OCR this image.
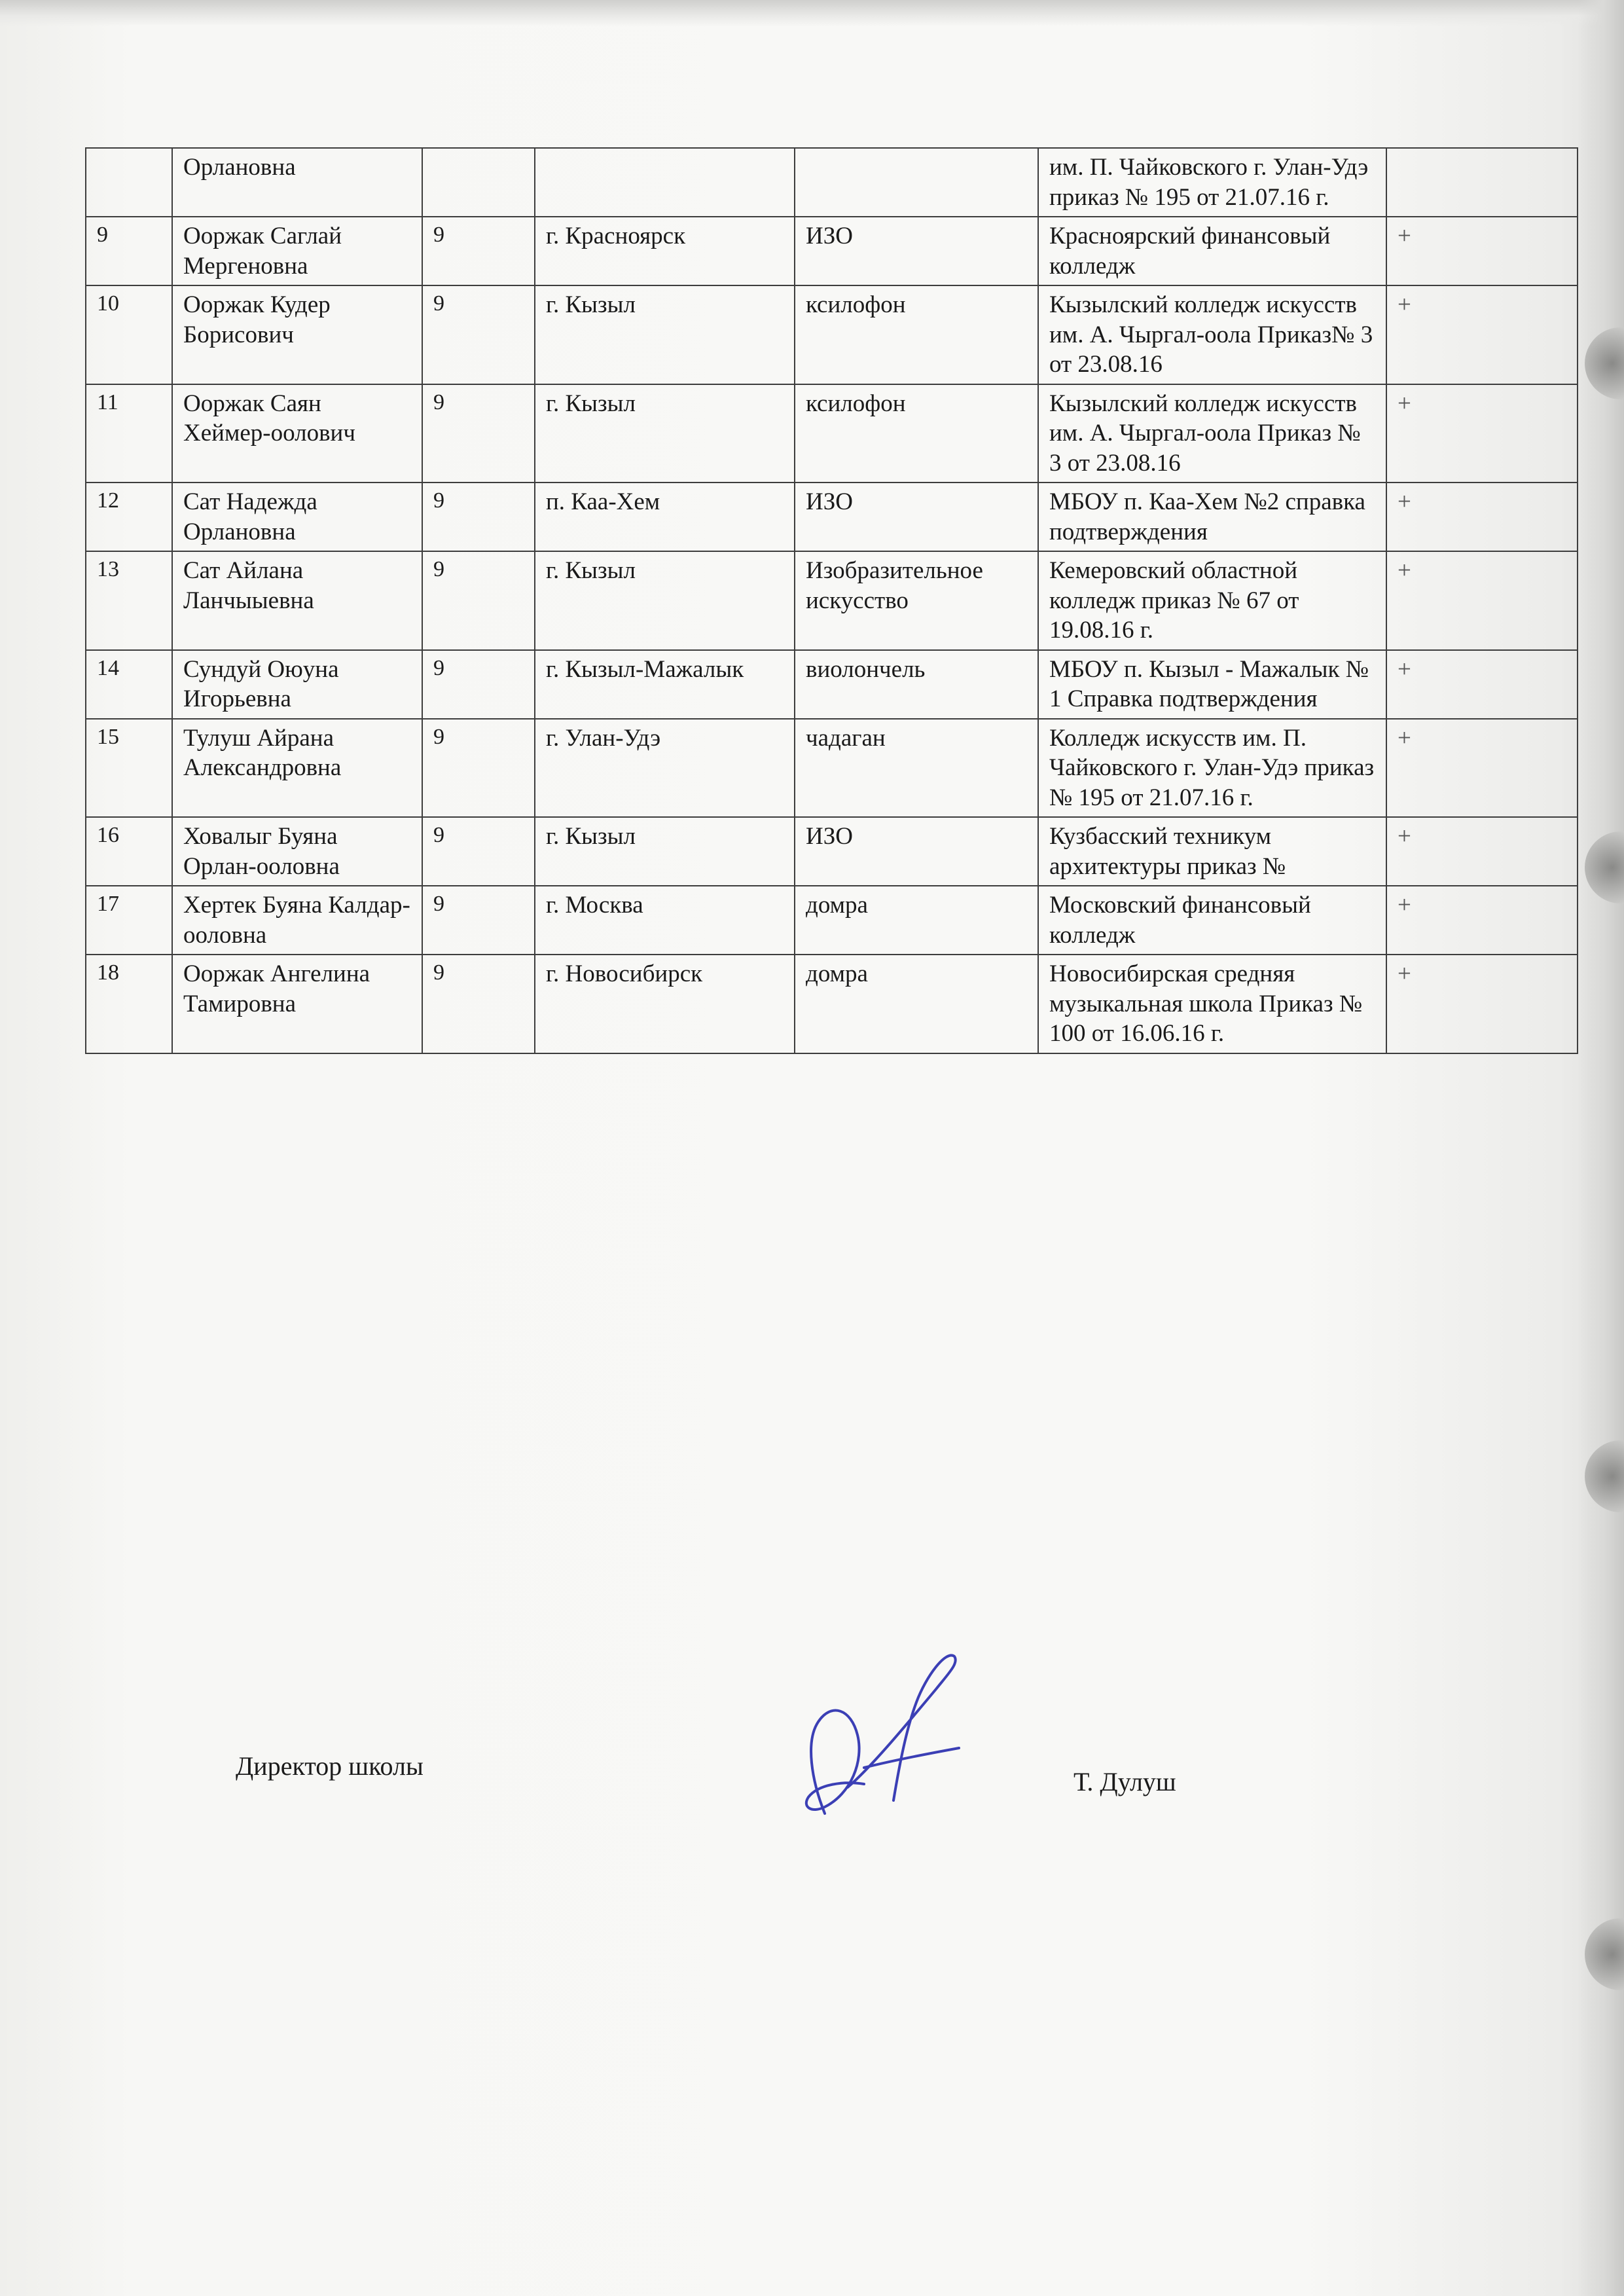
	Орлановна				им. П. Чайковского г. Улан-Удэ приказ № 195 от 21.07.16 г.	
9	Ооржак Саглай Мергеновна	9	г. Красноярск	ИЗО	Красноярский финансовый колледж	+
10	Ооржак Кудер Борисович	9	г. Кызыл	ксилофон	Кызылский колледж искусств им. А. Чыргал-оола Приказ№ 3 от 23.08.16	+
11	Ооржак Саян Хеймер-оолович	9	г. Кызыл	ксилофон	Кызылский колледж искусств им. А. Чыргал-оола Приказ № 3 от 23.08.16	+
12	Сат Надежда Орлановна	9	п. Каа-Хем	ИЗО	МБОУ п. Каа-Хем №2 справка подтверждения	+
13	Сат Айлана Ланчыыевна	9	г. Кызыл	Изобразительное искусство	Кемеровский областной колледж приказ № 67 от 19.08.16 г.	+
14	Сундуй Оюуна Игорьевна	9	г. Кызыл-Мажалык	виолончель	МБОУ п. Кызыл - Мажалык № 1 Справка подтверждения	+
15	Тулуш Айрана Александровна	9	г. Улан-Удэ	чадаган	Колледж искусств им. П. Чайковского г. Улан-Удэ приказ № 195 от 21.07.16 г.	+
16	Ховалыг Буяна Орлан-ооловна	9	г. Кызыл	ИЗО	Кузбасский техникум архитектуры приказ №	+
17	Хертек Буяна Калдар-ооловна	9	г. Москва	домра	Московский финансовый колледж	+
18	Ооржак Ангелина Тамировна	9	г. Новосибирск	домра	Новосибирская средняя музыкальная школа Приказ № 100 от 16.06.16 г.	+
Директор школы
Т. Дулуш
